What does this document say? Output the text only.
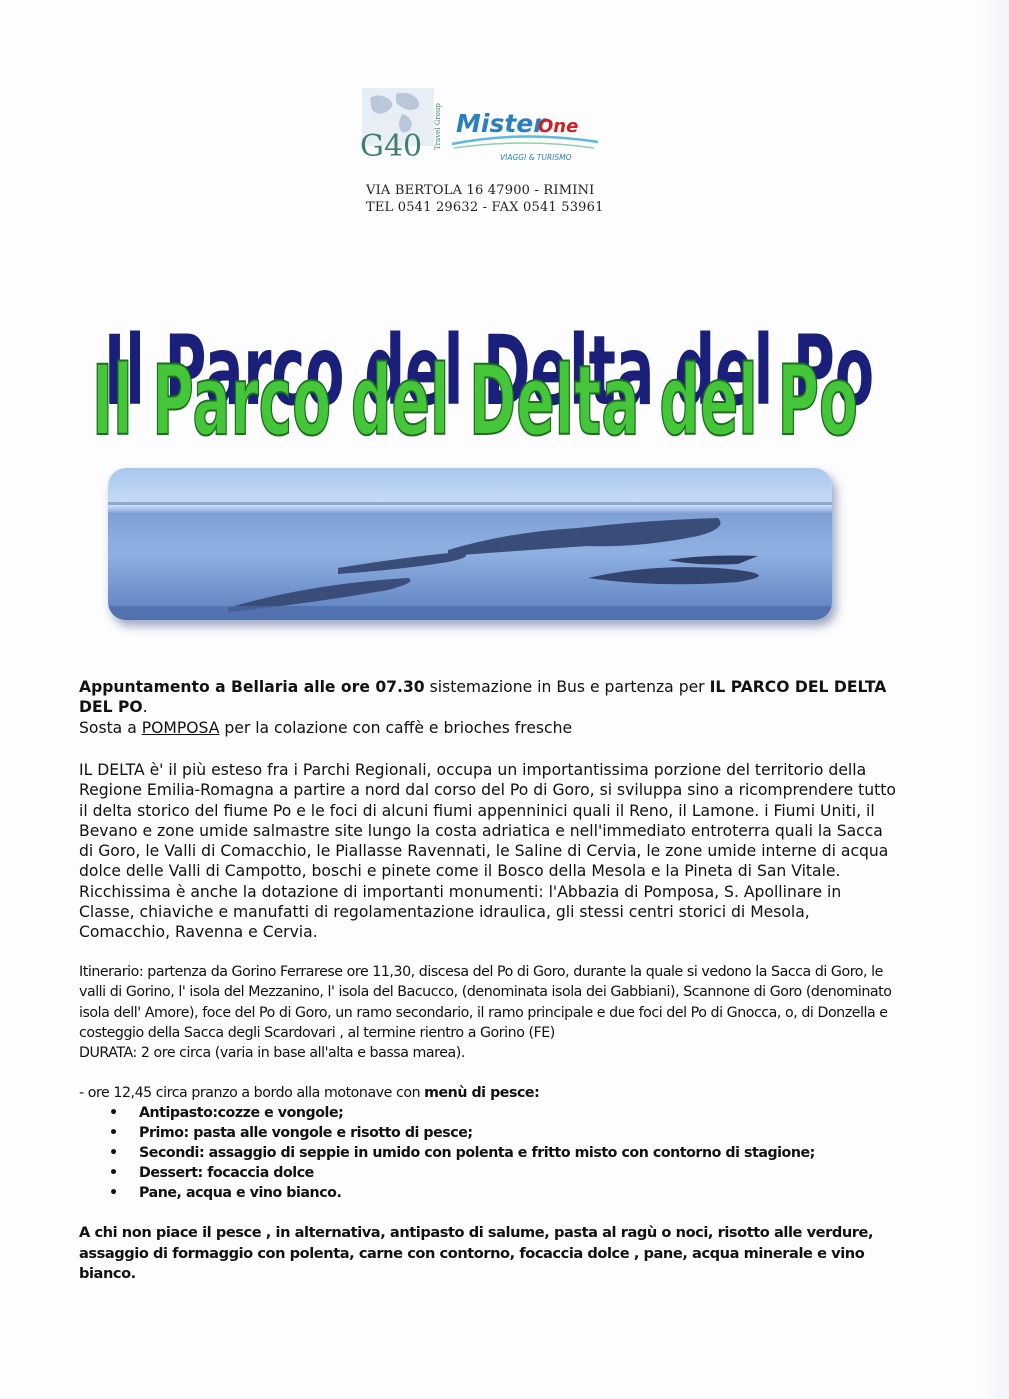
G40 Travel Group Mister
One
VIAGGI & TURISMO
VIA BERTOLA 16 47900 - RIMINI
TEL 0541 29632 - FAX 0541 53961
Il Parco del Delta del Po
Il Parco del Delta del Po
Appuntamento a Bellaria alle ore 07.30 sistemazione in Bus e partenza per IL PARCO DEL DELTA DEL PO.
Sosta a POMPOSA per la colazione con caffè e brioches fresche
IL DELTA è' il più esteso fra i Parchi Regionali, occupa un importantissima porzione del territorio della Regione Emilia-Romagna a partire a nord dal corso del Po di Goro, si sviluppa sino a ricomprendere tutto il delta storico del fiume Po e le foci di alcuni fiumi appenninici quali il Reno, il Lamone. i Fiumi Uniti, il Bevano e zone umide salmastre site lungo la costa adriatica e nell'immediato entroterra quali la Sacca di Goro, le Valli di Comacchio, le Piallasse Ravennati, le Saline di Cervia, le zone umide interne di acqua dolce delle Valli di Campotto, boschi e pinete come il Bosco della Mesola e la Pineta di San Vitale. Ricchissima è anche la dotazione di importanti monumenti: l'Abbazia di Pomposa, S. Apollinare in Classe, chiaviche e manufatti di regolamentazione idraulica, gli stessi centri storici di Mesola, Comacchio, Ravenna e Cervia.
Itinerario: partenza da Gorino Ferrarese ore 11,30, discesa del Po di Goro, durante la quale si vedono la Sacca di Goro, le valli di Gorino, l' isola del Mezzanino, l' isola del Bacucco, (denominata isola dei Gabbiani), Scannone di Goro (denominato isola dell' Amore), foce del Po di Goro, un ramo secondario, il ramo principale e due foci del Po di Gnocca, o, di Donzella e costeggio della Sacca degli Scardovari , al termine rientro a Gorino (FE)
DURATA: 2 ore circa (varia in base all'alta e bassa marea).
- ore 12,45 circa pranzo a bordo alla motonave con menù di pesce:
• Antipasto:cozze e vongole;
• Primo: pasta alle vongole e risotto di pesce;
• Secondi: assaggio di seppie in umido con polenta e fritto misto con contorno di stagione;
• Dessert: focaccia dolce
• Pane, acqua e vino bianco.
A chi non piace il pesce , in alternativa, antipasto di salume, pasta al ragù o noci, risotto alle verdure, assaggio di formaggio con polenta, carne con contorno, focaccia dolce , pane, acqua minerale e vino bianco.
